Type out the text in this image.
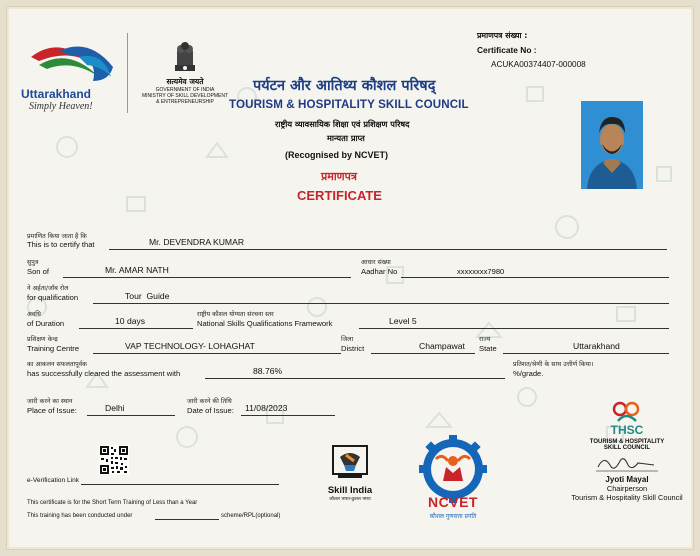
Uttarakhand
Simply Heaven!
सत्यमेव जयते
GOVERNMENT OF INDIA
MINISTRY OF SKILL DEVELOPMENT
& ENTREPRENEURSHIP
पर्यटन और आतिथ्य कौशल परिषद्
TOURISM & HOSPITALITY SKILL COUNCIL
राष्ट्रीय व्यावसायिक शिक्षा एवं प्रशिक्षण परिषद
मान्यता प्राप्त
(Recognised by NCVET)
प्रमाणपत्र
CERTIFICATE
प्रमाणपत्र संख्या :
Certificate No :
ACUKA00374407-000008
प्रमाणित किया जाता है कि
This is to certify that	Mr. DEVENDRA KUMAR
सुपुत्र
Son of	Mr. AMAR NATH
आधार संख्या
Aadhar No	xxxxxxxx7980
ने अर्हता/जॉब रोल
for qualification	Tour  Guide
अवधि
of Duration	10 days
राष्ट्रीय कौशल योग्यता संरचना स्तर
National Skills Qualifications Framework	Level 5
प्रशिक्षण केन्द्र
Training Centre	VAP TECHNOLOGY- LOHAGHAT
जिला
District	Champawat
राज्य
State	Uttarakhand
का आकलन सफलतापूर्वक
has successfully cleared the assessment with	88.76%
प्रतिशत/श्रेणी के साथ उत्तीर्ण किया।
%/grade.
जारी करने का स्थान
Place of Issue:	Delhi
जारी करने की तिथि
Date of Issue: 11/08/2023
e-Verification Link
This certificate is for the Short Term Training of Less than a Year
This training has been conducted under	scheme/RPL(optional)
Skill India
कौशल भारत-कुशल भारत	NCVET
कौशल गुणवत्ता प्रगति
THSC
TOURISM & HOSPITALITY
SKILL COUNCIL
Jyoti Mayal
Chairperson
Tourism & Hospitality Skill Council
